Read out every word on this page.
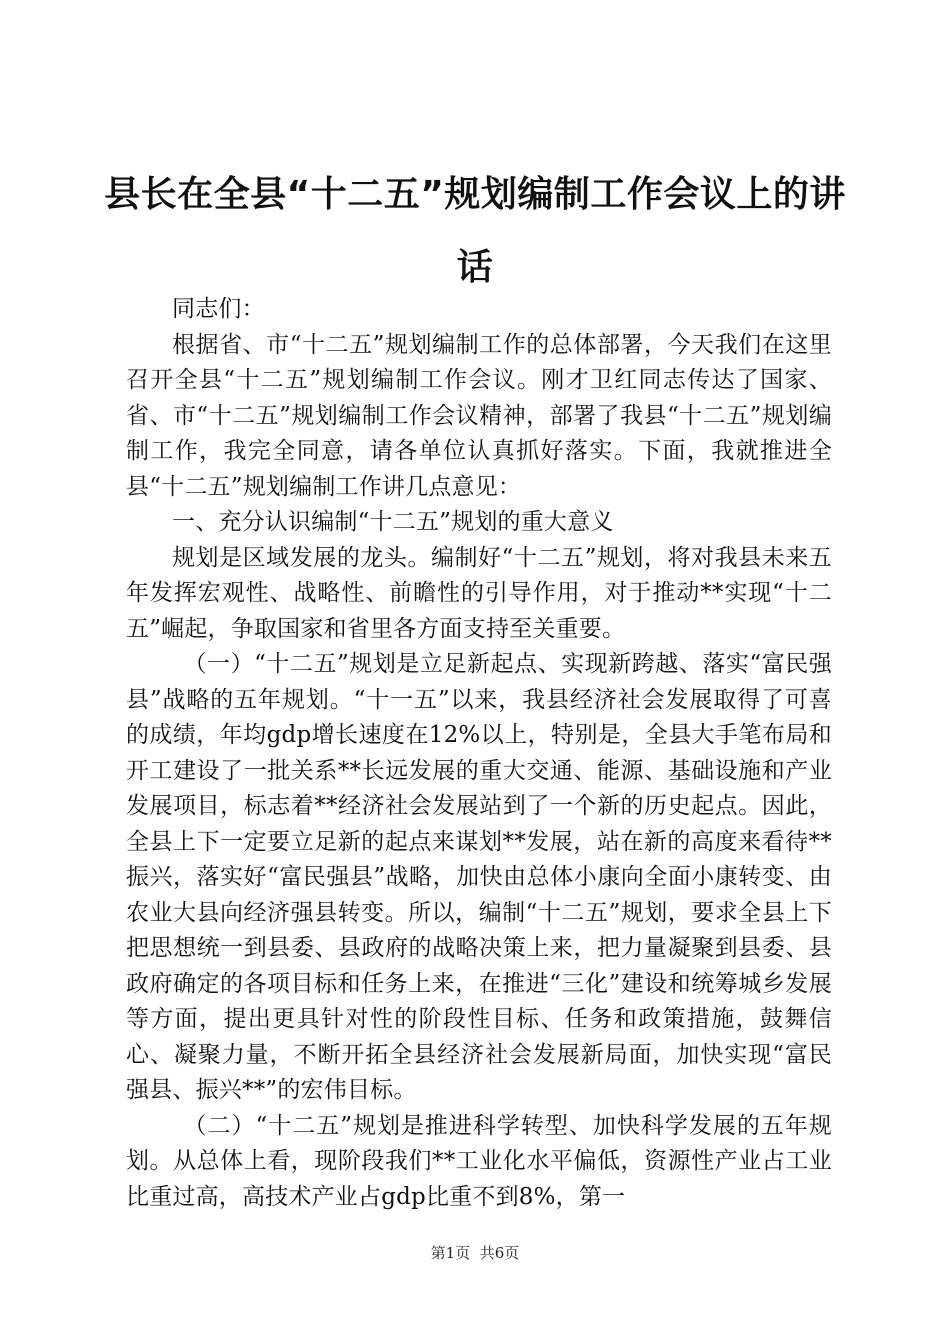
县长在全县“十二五”规划编制工作会议上的讲话

同志们：

根据省、市“十二五”规划编制工作的总体部署，今天我们在这里召开全县“十二五”规划编制工作会议。刚才卫红同志传达了国家、省、市“十二五”规划编制工作会议精神，部署了我县“十二五”规划编制工作，我完全同意，请各单位认真抓好落实。下面，我就推进全县“十二五”规划编制工作讲几点意见：

一、充分认识编制“十二五”规划的重大意义

规划是区域发展的龙头。编制好“十二五”规划，将对我县未来五年发挥宏观性、战略性、前瞻性的引导作用，对于推动**实现“十二五”崛起，争取国家和省里各方面支持至关重要。

（一）“十二五”规划是立足新起点、实现新跨越、落实“富民强县”战略的五年规划。“十一五”以来，我县经济社会发展取得了可喜的成绩，年均gdp增长速度在12%以上，特别是，全县大手笔布局和开工建设了一批关系**长远发展的重大交通、能源、基础设施和产业发展项目，标志着**经济社会发展站到了一个新的历史起点。因此，全县上下一定要立足新的起点来谋划**发展，站在新的高度来看待**振兴，落实好“富民强县”战略，加快由总体小康向全面小康转变、由农业大县向经济强县转变。所以，编制“十二五”规划，要求全县上下把思想统一到县委、县政府的战略决策上来，把力量凝聚到县委、县政府确定的各项目标和任务上来，在推进“三化”建设和统筹城乡发展等方面，提出更具针对性的阶段性目标、任务和政策措施，鼓舞信心、凝聚力量，不断开拓全县经济社会发展新局面，加快实现“富民强县、振兴**”的宏伟目标。

（二）“十二五”规划是推进科学转型、加快科学发展的五年规划。从总体上看，现阶段我们**工业化水平偏低，资源性产业占工业比重过高，高技术产业占gdp比重不到8%，第一

第1页 共6页
